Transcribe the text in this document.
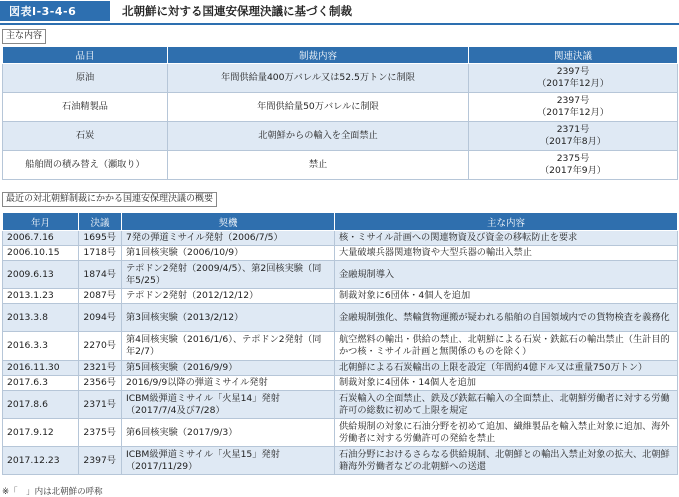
図表Ⅰ-3-4-6	北朝鮮に対する国連安保理決議に基づく制裁
主な内容
品目	制裁内容	関連決議
原油	年間供給量400万バレル又は52.5万トンに制限	2397号
（2017年12月）

石油精製品	年間供給量50万バレルに制限	2397号
（2017年12月）

石炭	北朝鮮からの輸入を全面禁止	2371号
（2017年8月）

船舶間の積み替え（瀬取り）	禁止	2375号
（2017年9月）
最近の対北朝鮮制裁にかかる国連安保理決議の概要
年月	決議	契機	主な内容
2006.7.16	1695号	7発の弾道ミサイル発射（2006/7/5）	核・ミサイル計画への関連物資及び資金の移転防止を要求
2006.10.15	1718号	第1回核実験（2006/10/9）	大量破壊兵器関連物資や大型兵器の輸出入禁止
2009.6.13	1874号	テポドン2発射（2009/4/5）、第2回核実験（同年5/25）	金融規制導入
2013.1.23	2087号	テポドン2発射（2012/12/12）	制裁対象に6団体・4個人を追加
2013.3.8	2094号	第3回核実験（2013/2/12）	金融規制強化、禁輸貨物運搬が疑われる船舶の自国領域内での貨物検査を義務化
2016.3.3	2270号	第4回核実験（2016/1/6）、テポドン2発射（同年2/7）	航空燃料の輸出・供給の禁止、北朝鮮による石炭・鉄鉱石の輸出禁止（生計目的かつ核・ミサイル計画と無関係のものを除く）
2016.11.30	2321号	第5回核実験（2016/9/9）	北朝鮮による石炭輸出の上限を設定（年間約4億ドル又は重量750万トン）
2017.6.3	2356号	2016/9/9以降の弾道ミサイル発射	制裁対象に4団体・14個人を追加
2017.8.6	2371号	ICBM級弾道ミサイル「火星14」発射（2017/7/4及び7/28）	石炭輸入の全面禁止、鉄及び鉄鉱石輸入の全面禁止、北朝鮮労働者に対する労働許可の総数に初めて上限を規定
2017.9.12	2375号	第6回核実験（2017/9/3）	供給規制の対象に石油分野を初めて追加、繊維製品を輸入禁止対象に追加、海外労働者に対する労働許可の発給を禁止
2017.12.23	2397号	ICBM級弾道ミサイル「火星15」発射（2017/11/29）	石油分野におけるさらなる供給規制、北朝鮮との輸出入禁止対象の拡大、北朝鮮籍海外労働者などの北朝鮮への送還
※「　」内は北朝鮮の呼称
